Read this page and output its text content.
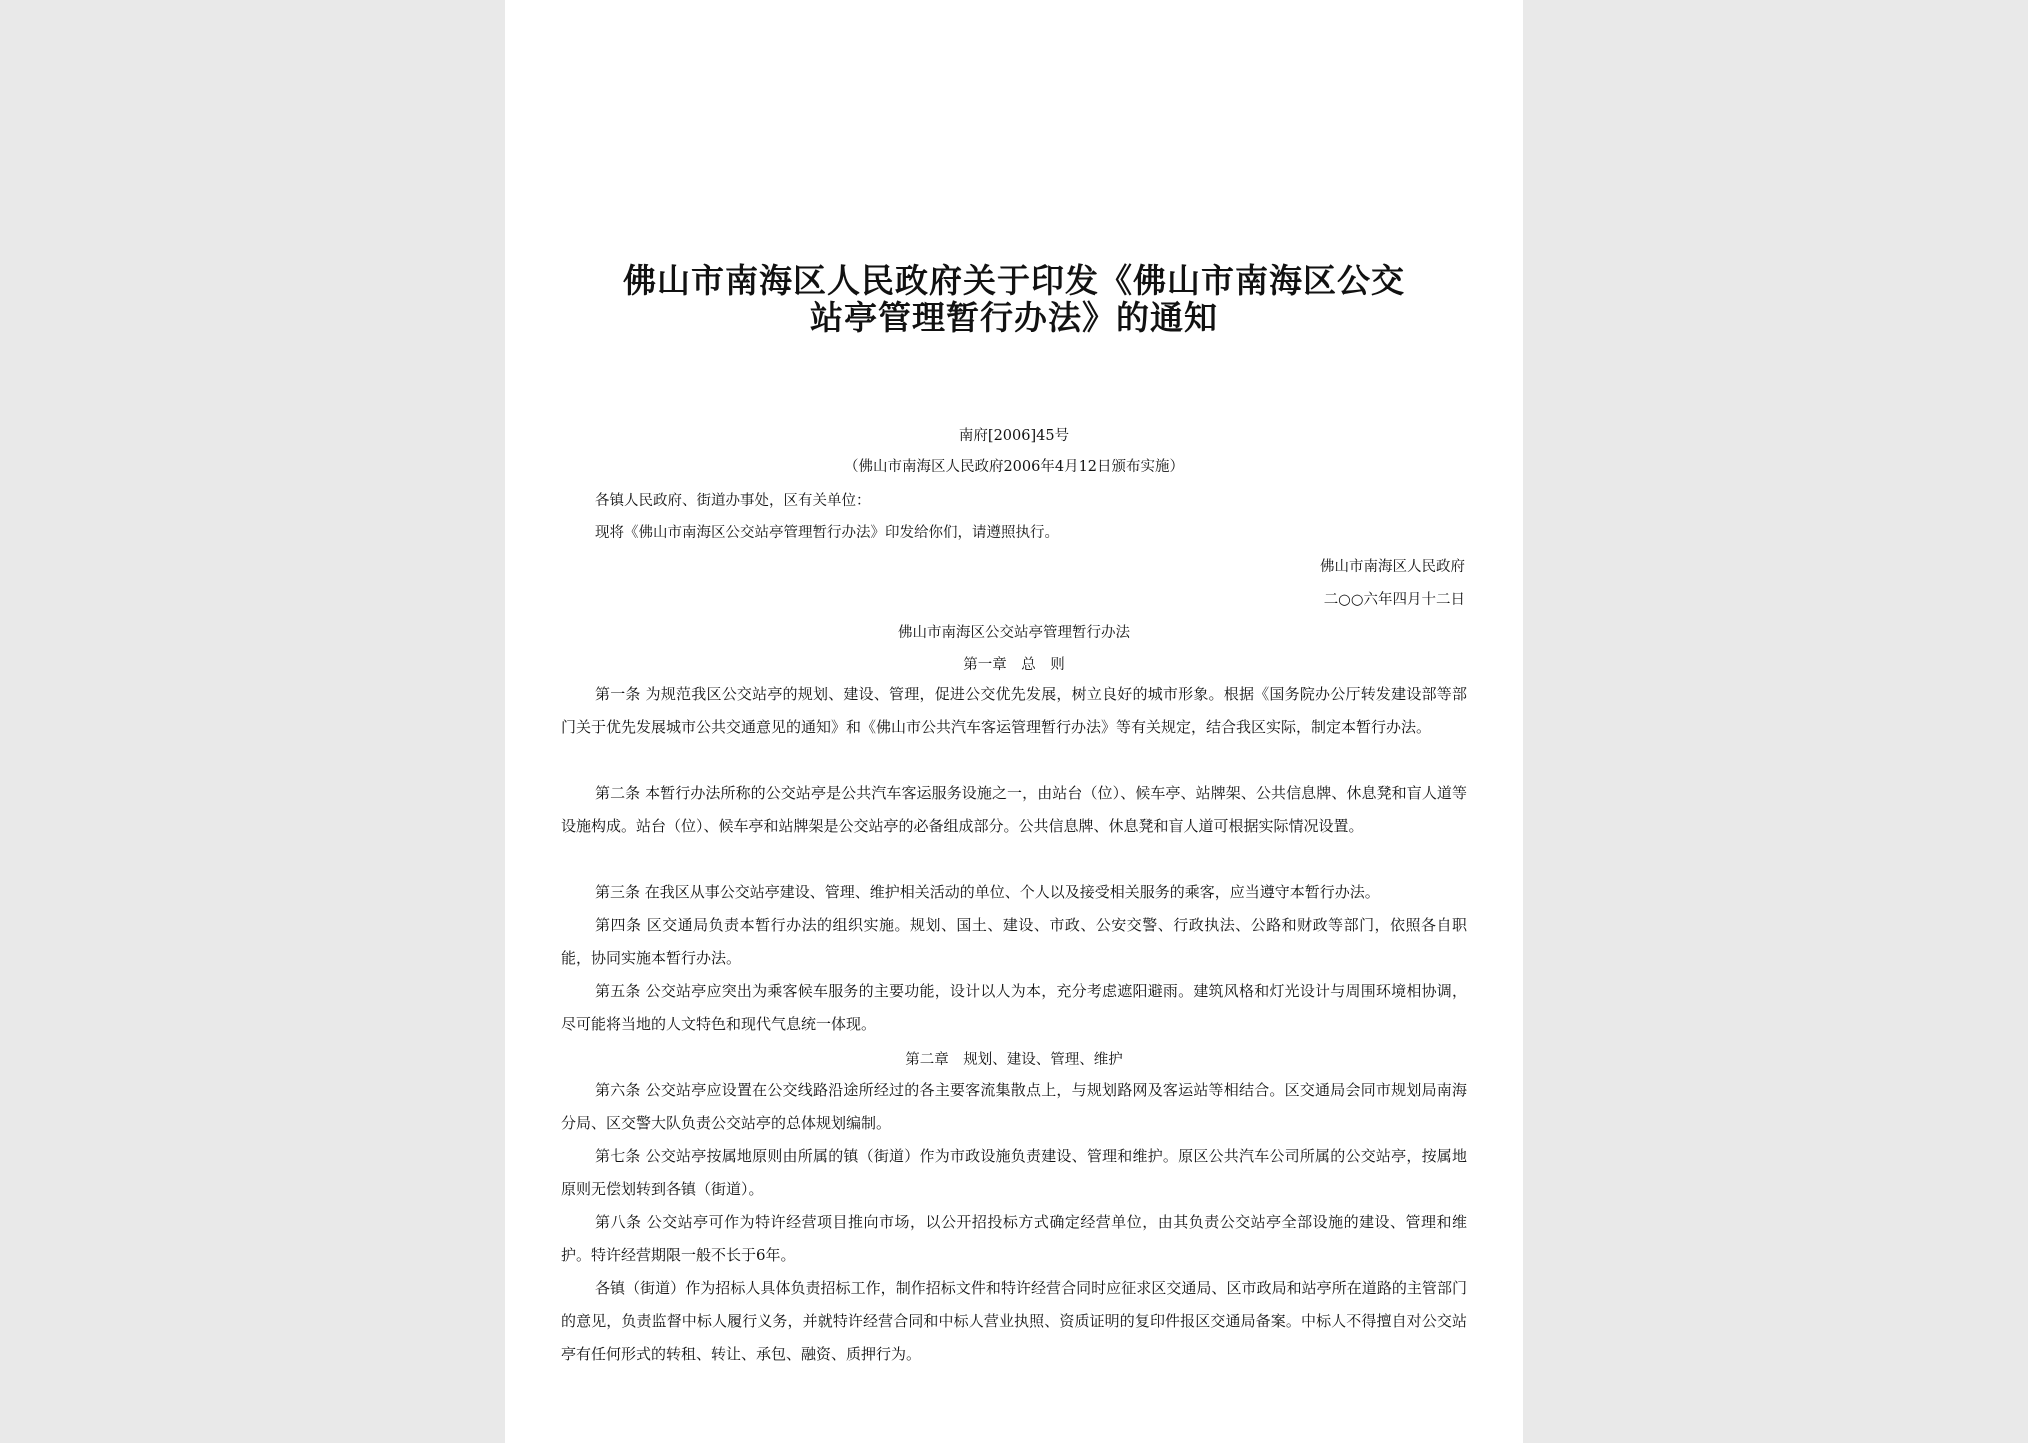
佛山市南海区人民政府关于印发《佛山市南海区公交
站亭管理暂行办法》的通知
南府[2006]45号
（佛山市南海区人民政府2006年4月12日颁布实施）
各镇人民政府、街道办事处，区有关单位：
现将《佛山市南海区公交站亭管理暂行办法》印发给你们，请遵照执行。
佛山市南海区人民政府
二○○六年四月十二日
佛山市南海区公交站亭管理暂行办法
第一章　总　则
第一条 为规范我区公交站亭的规划、建设、管理，促进公交优先发展，树立良好的城市形象。根据《国务院办公厅转发建设部等部门关于优先发展城市公共交通意见的通知》和《佛山市公共汽车客运管理暂行办法》等有关规定，结合我区实际，制定本暂行办法。
第二条 本暂行办法所称的公交站亭是公共汽车客运服务设施之一，由站台（位）、候车亭、站牌架、公共信息牌、休息凳和盲人道等设施构成。站台（位）、候车亭和站牌架是公交站亭的必备组成部分。公共信息牌、休息凳和盲人道可根据实际情况设置。
第三条 在我区从事公交站亭建设、管理、维护相关活动的单位、个人以及接受相关服务的乘客，应当遵守本暂行办法。
第四条 区交通局负责本暂行办法的组织实施。规划、国土、建设、市政、公安交警、行政执法、公路和财政等部门，依照各自职能，协同实施本暂行办法。
第五条 公交站亭应突出为乘客候车服务的主要功能，设计以人为本，充分考虑遮阳避雨。建筑风格和灯光设计与周围环境相协调，尽可能将当地的人文特色和现代气息统一体现。
第二章　规划、建设、管理、维护
第六条 公交站亭应设置在公交线路沿途所经过的各主要客流集散点上，与规划路网及客运站等相结合。区交通局会同市规划局南海分局、区交警大队负责公交站亭的总体规划编制。
第七条 公交站亭按属地原则由所属的镇（街道）作为市政设施负责建设、管理和维护。原区公共汽车公司所属的公交站亭，按属地原则无偿划转到各镇（街道）。
第八条 公交站亭可作为特许经营项目推向市场，以公开招投标方式确定经营单位，由其负责公交站亭全部设施的建设、管理和维护。特许经营期限一般不长于6年。
各镇（街道）作为招标人具体负责招标工作，制作招标文件和特许经营合同时应征求区交通局、区市政局和站亭所在道路的主管部门的意见，负责监督中标人履行义务，并就特许经营合同和中标人营业执照、资质证明的复印件报区交通局备案。中标人不得擅自对公交站亭有任何形式的转租、转让、承包、融资、质押行为。
